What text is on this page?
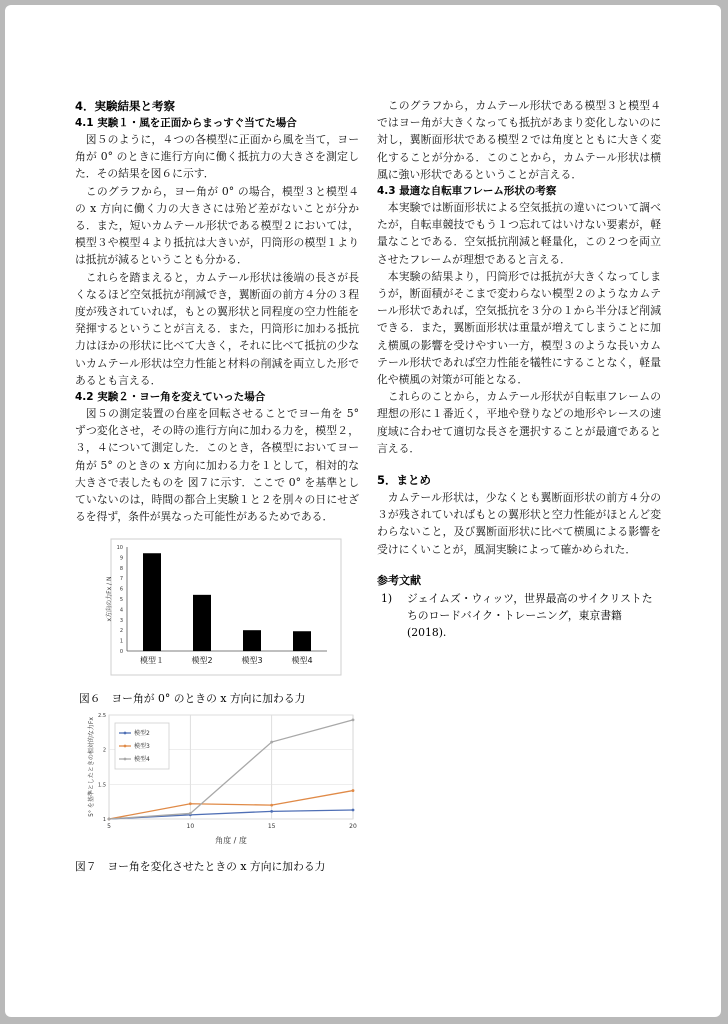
4．実験結果と考察

4.1 実験１・風を正面からまっすぐ当てた場合

図５のように，４つの各模型に正面から風を当て，ヨー角が 0° のときに進行方向に働く抵抗力の大きさを測定した．その結果を図６に示す．

このグラフから，ヨー角が 0° の場合，模型３と模型４の x 方向に働く力の大きさには殆ど差がないことが分かる．また，短いカムテール形状である模型２においては，模型３や模型４より抵抗は大きいが，円筒形の模型１よりは抵抗が減るということも分かる．

これらを踏まえると，カムテール形状は後端の長さが長くなるほど空気抵抗が削減でき，翼断面の前方４分の３程度が残されていれば，もとの翼形状と同程度の空力性能を発揮するということが言える．また，円筒形に加わる抵抗力はほかの形状に比べて大きく，それに比べて抵抗の少ないカムテール形状は空力性能と材料の削減を両立した形であるとも言える．

4.2 実験２・ヨー角を変えていった場合

図５の測定装置の台座を回転させることでヨー角を 5° ずつ変化させ，その時の進行方向に加わる力を，模型２，３，４について測定した．このとき，各模型においてヨー角が 5° のときの x 方向に加わる力を１として，相対的な大きさで表したものを 図７に示す．ここで 0° を基準としていないのは，時間の都合上実験１と２を別々の日にせざるを得ず，条件が異なった可能性があるためである．

0
1
2
3
4
5
6
7
8
9
10
x方向の力Fx / N
模型１	模型2	模型3	模型4

図６　ヨー角が 0° のときの x 方向に加わる力

5	10	15	20
1
1.5
2
2.5
角度 / 度
5° を基準としたときの相対的な力Fx	模型2
模型3
模型4

図７　ヨー角を変化させたときの x 方向に加わる力

このグラフから，カムテール形状である模型３と模型４ではヨー角が大きくなっても抵抗があまり変化しないのに対し，翼断面形状である模型２では角度とともに大きく変化することが分かる．このことから，カムテール形状は横風に強い形状であるということが言える．

4.3 最適な自転車フレーム形状の考察

本実験では断面形状による空気抵抗の違いについて調べたが，自転車競技でもう１つ忘れてはいけない要素が，軽量なことである．空気抵抗削減と軽量化，この２つを両立させたフレームが理想であると言える．

本実験の結果より，円筒形では抵抗が大きくなってしまうが，断面積がそこまで変わらない模型２のようなカムテール形状であれば，空気抵抗を３分の１から半分ほど削減できる．また，翼断面形状は重量が増えてしまうことに加え横風の影響を受けやすい一方，模型３のような長いカムテール形状であれば空力性能を犠牲にすることなく，軽量化や横風の対策が可能となる．

これらのことから，カムテール形状が自転車フレームの理想の形に１番近く，平地や登りなどの地形やレースの速度域に合わせて適切な長さを選択することが最適であると言える．

5．まとめ

カムテール形状は，少なくとも翼断面形状の前方４分の３が残されていればもとの翼形状と空力性能がほとんど変わらないこと，及び翼断面形状に比べて横風による影響を受けにくいことが，風洞実験によって確かめられた．

参考文献

1)	ジェイムズ・ウィッツ，世界最高のサイクリストたちのロードバイク・トレーニング，東京書籍(2018).
